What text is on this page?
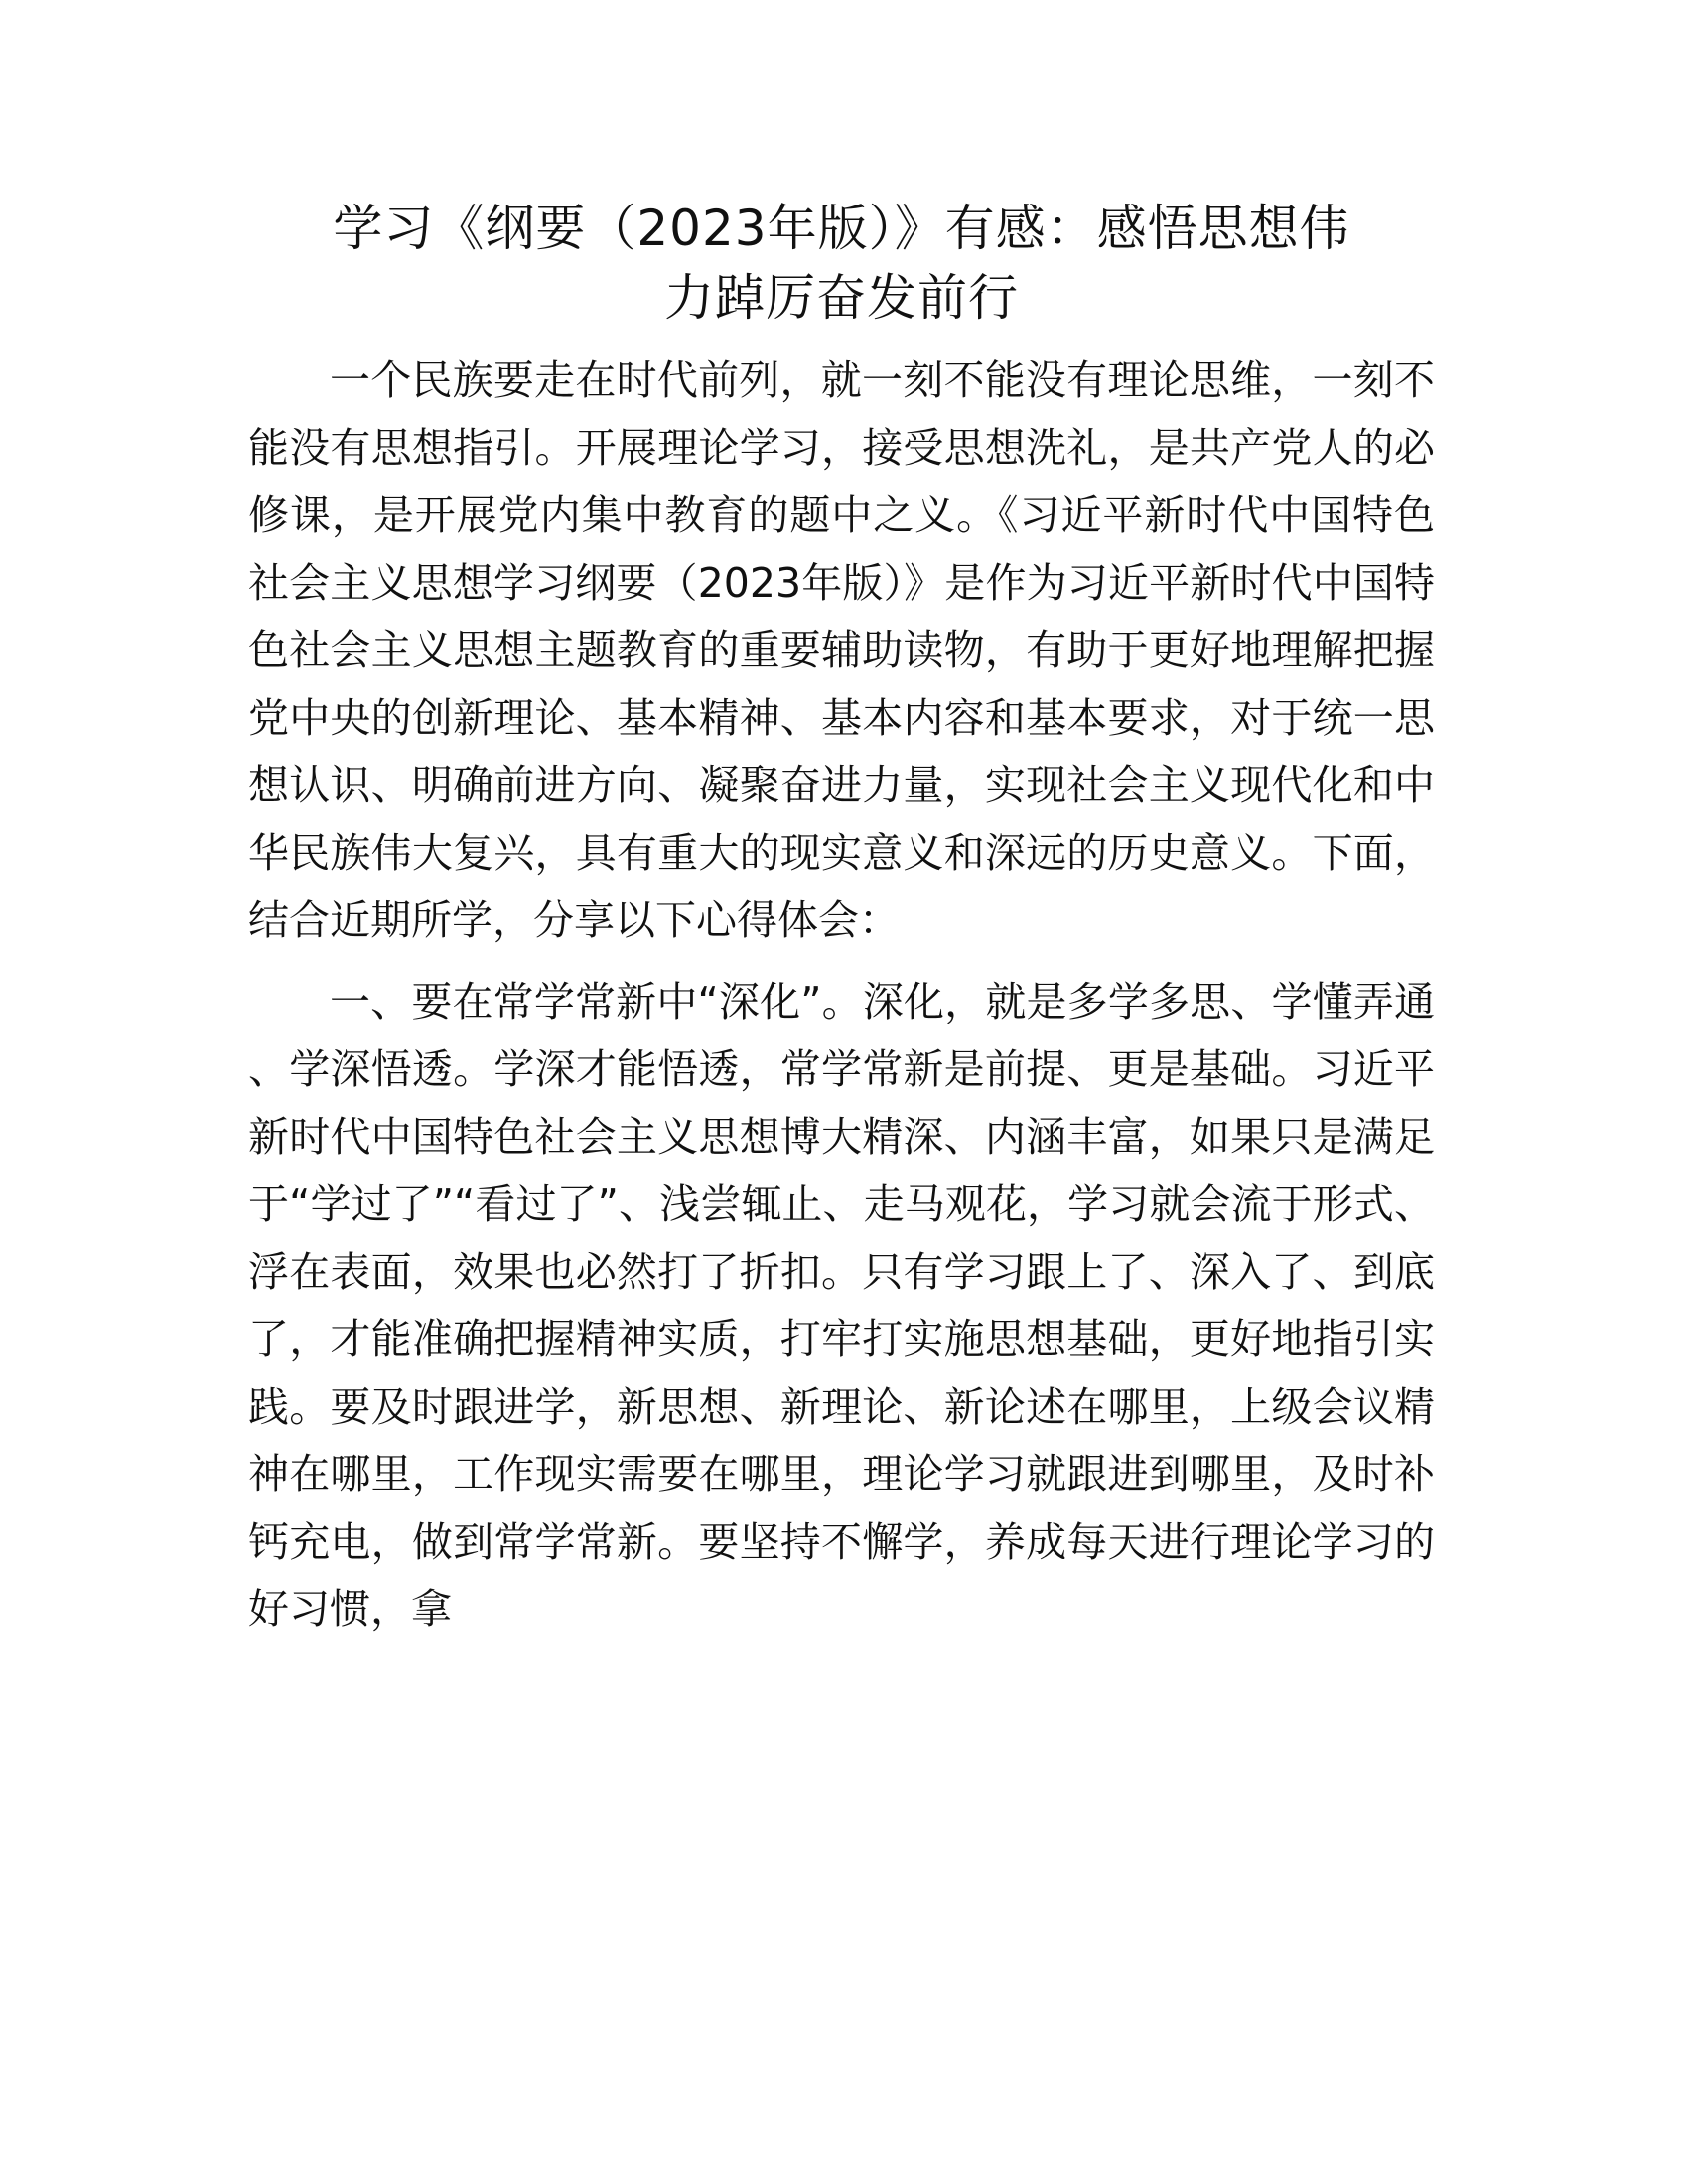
学习《纲要（2023年版）》有感：感悟思想伟
力踔厉奋发前行

一个民族要走在时代前列，就一刻不能没有理论思维，一刻不能没有思想指引。开展理论学习，接受思想洗礼，是共产党人的必修课，是开展党内集中教育的题中之义。《习近平新时代中国特色社会主义思想学习纲要（2023年版）》是作为习近平新时代中国特色社会主义思想主题教育的重要辅助读物，有助于更好地理解把握党中央的创新理论、基本精神、基本内容和基本要求，对于统一思想认识、明确前进方向、凝聚奋进力量，实现社会主义现代化和中华民族伟大复兴，具有重大的现实意义和深远的历史意义。下面，结合近期所学，分享以下心得体会：

一、要在常学常新中“深化”。深化，就是多学多思、学懂弄通、学深悟透。学深才能悟透，常学常新是前提、更是基础。习近平新时代中国特色社会主义思想博大精深、内涵丰富，如果只是满足于“学过了”“看过了”、浅尝辄止、走马观花，学习就会流于形式、浮在表面，效果也必然打了折扣。只有学习跟上了、深入了、到底了，才能准确把握精神实质，打牢打实施思想基础，更好地指引实践。要及时跟进学，新思想、新理论、新论述在哪里，上级会议精神在哪里，工作现实需要在哪里，理论学习就跟进到哪里，及时补钙充电，做到常学常新。要坚持不懈学，养成每天进行理论学习的好习惯，拿
